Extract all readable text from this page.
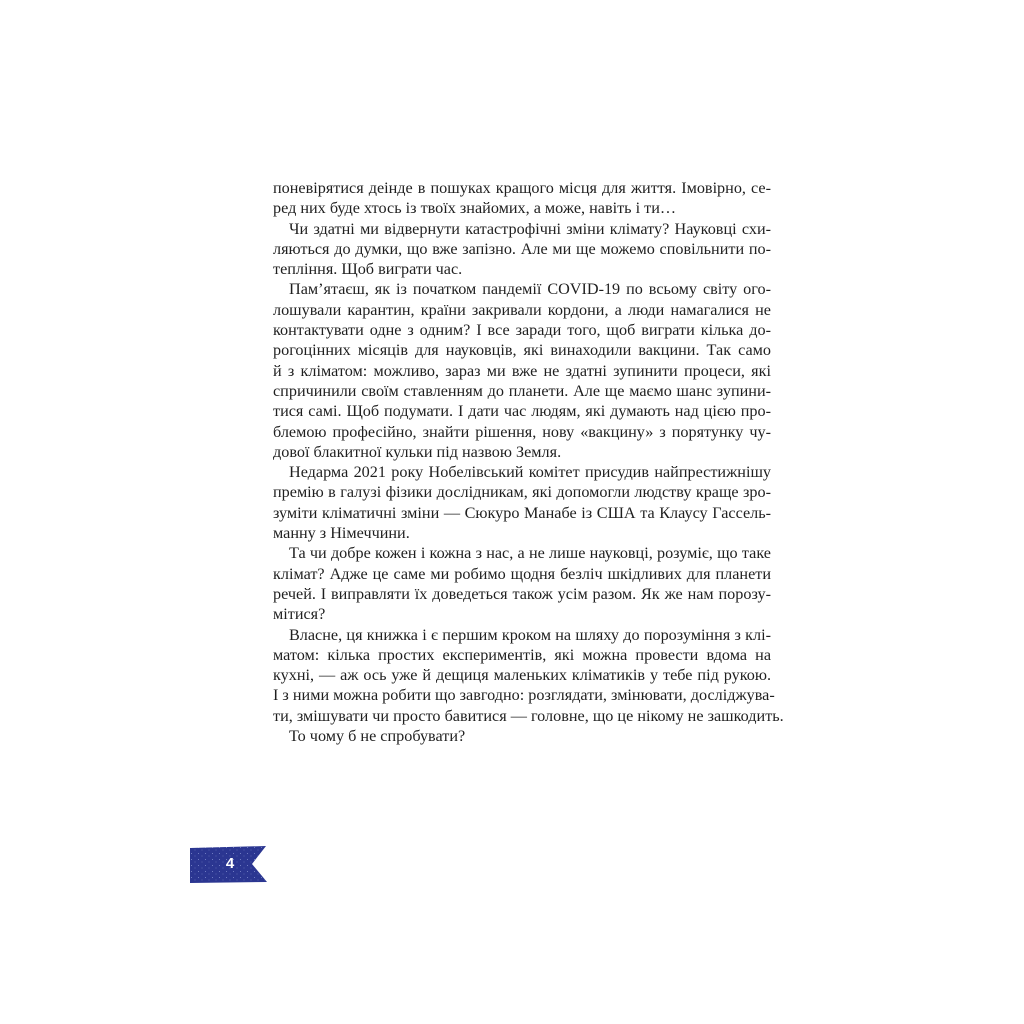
поневірятися деінде в пошуках кращого місця для життя. Імовірно, се-
ред них буде хтось із твоїх знайомих, а може, навіть і ти…
Чи здатні ми відвернути катастрофічні зміни клімату? Науковці схи-
ляються до думки, що вже запізно. Але ми ще можемо сповільнити по-
тепління. Щоб виграти час.
Пам’ятаєш, як із початком пандемії COVID-19 по всьому світу ого-
лошували карантин, країни закривали кордони, а люди намагалися не
контактувати одне з одним? І все заради того, щоб виграти кілька до-
рогоцінних місяців для науковців, які винаходили вакцини. Так само
й з кліматом: можливо, зараз ми вже не здатні зупинити процеси, які
спричинили своїм ставленням до планети. Але ще маємо шанс зупини-
тися самі. Щоб подумати. І дати час людям, які думають над цією про-
блемою професійно, знайти рішення, нову «вакцину» з порятунку чу-
дової блакитної кульки під назвою Земля.
Недарма 2021 року Нобелівський комітет присудив найпрестижнішу
премію в галузі фізики дослідникам, які допомогли людству краще зро-
зуміти кліматичні зміни — Сюкуро Манабе із США та Клаусу Гассель-
манну з Німеччини.
Та чи добре кожен і кожна з нас, а не лише науковці, розуміє, що таке
клімат? Адже це саме ми робимо щодня безліч шкідливих для планети
речей. І виправляти їх доведеться також усім разом. Як же нам порозу-
мітися?
Власне, ця книжка і є першим кроком на шляху до порозуміння з клі-
матом: кілька простих експериментів, які можна провести вдома на
кухні, — аж ось уже й дещиця маленьких кліматиків у тебе під рукою.
І з ними можна робити що завгодно: розглядати, змінювати, досліджува-
ти, змішувати чи просто бавитися — головне, що це нікому не зашкодить.
То чому б не спробувати?
4
